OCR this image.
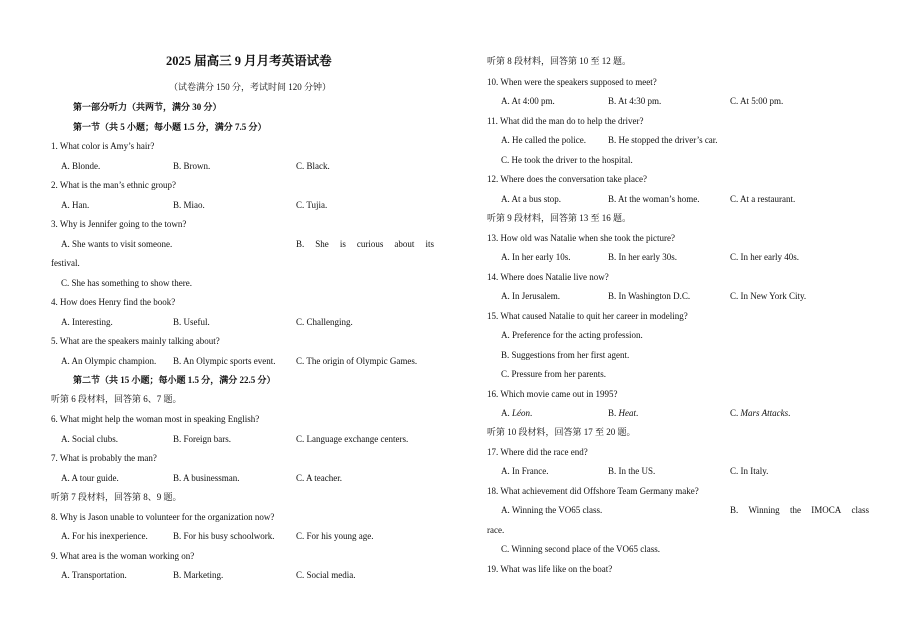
2025 届高三 9 月月考英语试卷
（试卷满分 150 分，考试时间 120 分钟）
第一部分听力（共两节，满分 30 分）
第一节（共 5 小题；每小题 1.5 分，满分 7.5 分）
1. What color is Amy’s hair?
A. Blonde.	B. Brown.	C. Black.
2. What is the man’s ethnic group?
A. Han.	B. Miao.	C. Tujia.
3. Why is Jennifer going to the town?
A. She wants to visit someone.	B. She is curious about its
festival.
C. She has something to show there.
4. How does Henry find the book?
A. Interesting.	B. Useful.	C. Challenging.
5. What are the speakers mainly talking about?
A. An Olympic champion. B. An Olympic sports event. C. The origin of Olympic Games.
第二节（共 15 小题；每小题 1.5 分，满分 22.5 分）
听第 6 段材料，回答第 6、7 题。
6. What might help the woman most in speaking English?
A. Social clubs.	B. Foreign bars.	C. Language exchange centers.
7. What is probably the man?
A. A tour guide.	B. A businessman.	C. A teacher.
听第 7 段材料，回答第 8、9 题。
8. Why is Jason unable to volunteer for the organization now?
A. For his inexperience.	B. For his busy schoolwork. C. For his young age.
9. What area is the woman working on?
A. Transportation.	B. Marketing.	C. Social media.
听第 8 段材料，回答第 10 至 12 题。
10. When were the speakers supposed to meet?
A. At 4:00 pm.	B. At 4:30 pm.	C. At 5:00 pm.
11. What did the man do to help the driver?
A. He called the police. B. He stopped the driver’s car.
C. He took the driver to the hospital.
12. Where does the conversation take place?
A. At a bus stop.	B. At the woman’s home.	C. At a restaurant.
听第 9 段材料，回答第 13 至 16 题。
13. How old was Natalie when she took the picture?
A. In her early 10s.	B. In her early 30s.	C. In her early 40s.
14. Where does Natalie live now?
A. In Jerusalem.	B. In Washington D.C.	C. In New York City.
15. What caused Natalie to quit her career in modeling?
A. Preference for the acting profession.
B. Suggestions from her first agent.
C. Pressure from her parents.
16. Which movie came out in 1995?
A. Léon.	B. Heat.	C. Mars Attacks.
听第 10 段材料，回答第 17 至 20 题。
17. Where did the race end?
A. In France.	B. In the US.	C. In Italy.
18. What achievement did Offshore Team Germany make?
A. Winning the VO65 class.	B. Winning the IMOCA class
race.
C. Winning second place of the VO65 class.
19. What was life like on the boat?
